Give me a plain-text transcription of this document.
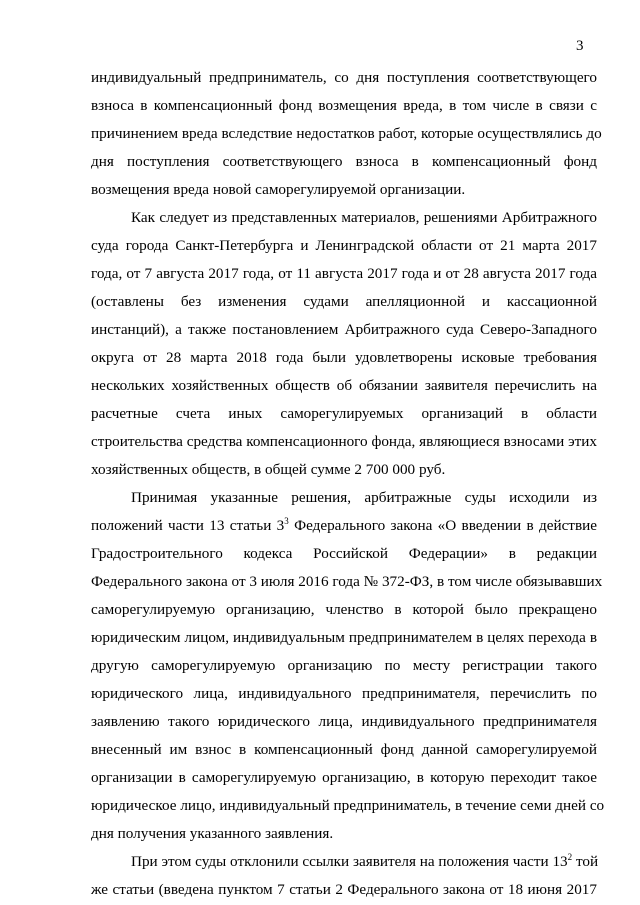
3
индивидуальный предприниматель, со дня поступления соответствующего
взноса в компенсационный фонд возмещения вреда, в том числе в связи с
причинением вреда вследствие недостатков работ, которые осуществлялись до
дня поступления соответствующего взноса в компенсационный фонд
возмещения вреда новой саморегулируемой организации.
Как следует из представленных материалов, решениями Арбитражного
суда города Санкт-Петербурга и Ленинградской области от 21 марта 2017
года, от 7 августа 2017 года, от 11 августа 2017 года и от 28 августа 2017 года
(оставлены без изменения судами апелляционной и кассационной
инстанций), а также постановлением Арбитражного суда Северо-Западного
округа от 28 марта 2018 года были удовлетворены исковые требования
нескольких хозяйственных обществ об обязании заявителя перечислить на
расчетные счета иных саморегулируемых организаций в области
строительства средства компенсационного фонда, являющиеся взносами этих
хозяйственных обществ, в общей сумме 2 700 000 руб.
Принимая указанные решения, арбитражные суды исходили из
положений части 13 статьи $3^3$ Федерального закона «О введении в действие
Градостроительного кодекса Российской Федерации» в редакции
Федерального закона от 3 июля 2016 года № 372-ФЗ, в том числе обязывавших
саморегулируемую организацию, членство в которой было прекращено
юридическим лицом, индивидуальным предпринимателем в целях перехода в
другую саморегулируемую организацию по месту регистрации такого
юридического лица, индивидуального предпринимателя, перечислить по
заявлению такого юридического лица, индивидуального предпринимателя
внесенный им взнос в компенсационный фонд данной саморегулируемой
организации в саморегулируемую организацию, в которую переходит такое
юридическое лицо, индивидуальный предприниматель, в течение семи дней со
дня получения указанного заявления.
При этом суды отклонили ссылки заявителя на положения части $13^2$ той
же статьи (введена пунктом 7 статьи 2 Федерального закона от 18 июня 2017
